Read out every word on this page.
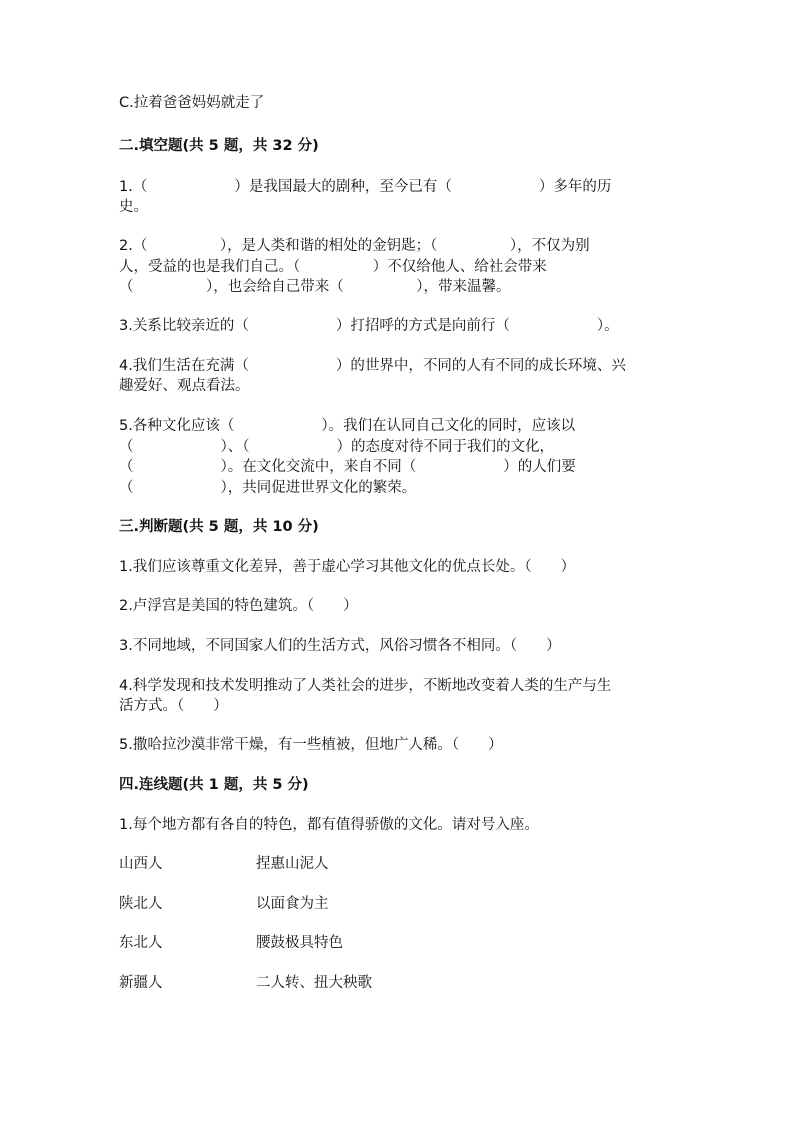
C.拉着爸爸妈妈就走了
二.填空题(共 5 题，共 32 分)
1.（　　　　　　）是我国最大的剧种，至今已有（　　　　　　）多年的历
史。
2.（　　　　　），是人类和谐的相处的金钥匙；（　　　　　），不仅为别
人，受益的也是我们自己。（　　　　　）不仅给他人、给社会带来
（　　　　　），也会给自己带来（　　　　　），带来温馨。
3.关系比较亲近的（　　　　　　）打招呼的方式是向前行（　　　　　　）。
4.我们生活在充满（　　　　　　）的世界中，不同的人有不同的成长环境、兴
趣爱好、观点看法。
5.各种文化应该（　　　　　　）。我们在认同自己文化的同时，应该以
（　　　　　　）、（　　　　　　）的态度对待不同于我们的文化，
（　　　　　　）。在文化交流中，来自不同（　　　　　　）的人们要
（　　　　　　），共同促进世界文化的繁荣。
三.判断题(共 5 题，共 10 分)
1.我们应该尊重文化差异，善于虚心学习其他文化的优点长处。（　　）
2.卢浮宫是美国的特色建筑。（　　）
3.不同地域，不同国家人们的生活方式，风俗习惯各不相同。（　　）
4.科学发现和技术发明推动了人类社会的进步，不断地改变着人类的生产与生
活方式。（　　）
5.撒哈拉沙漠非常干燥，有一些植被，但地广人稀。（　　）
四.连线题(共 1 题，共 5 分)
1.每个地方都有各自的特色，都有值得骄傲的文化。请对号入座。
山西人	捏惠山泥人
陕北人	以面食为主
东北人	腰鼓极具特色
新疆人	二人转、扭大秧歌
